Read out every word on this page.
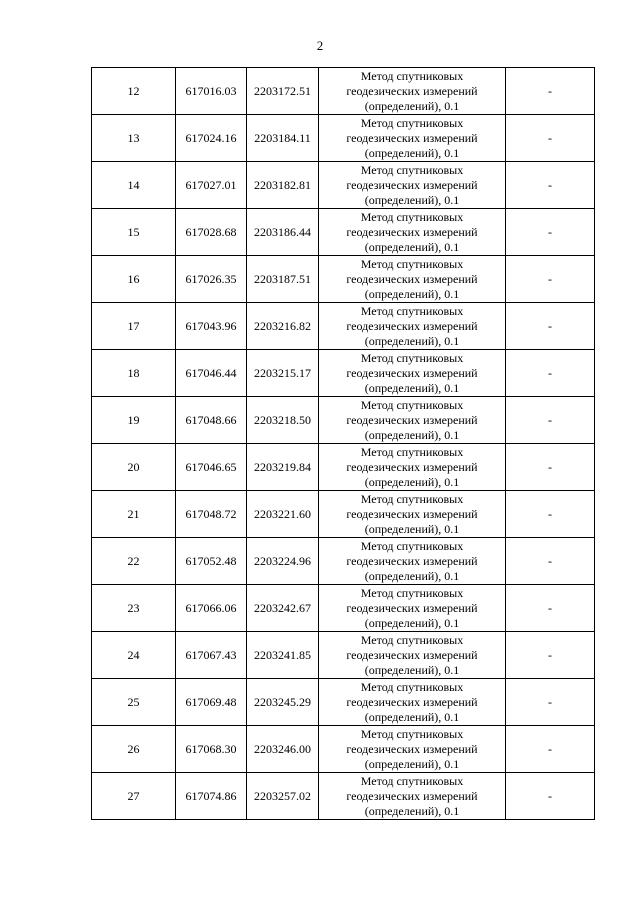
2
12	617016.03	2203172.51	Метод спутниковых
геодезических измерений
(определений), 0.1	-
13	617024.16	2203184.11	Метод спутниковых
геодезических измерений
(определений), 0.1	-
14	617027.01	2203182.81	Метод спутниковых
геодезических измерений
(определений), 0.1	-
15	617028.68	2203186.44	Метод спутниковых
геодезических измерений
(определений), 0.1	-
16	617026.35	2203187.51	Метод спутниковых
геодезических измерений
(определений), 0.1	-
17	617043.96	2203216.82	Метод спутниковых
геодезических измерений
(определений), 0.1	-
18	617046.44	2203215.17	Метод спутниковых
геодезических измерений
(определений), 0.1	-
19	617048.66	2203218.50	Метод спутниковых
геодезических измерений
(определений), 0.1	-
20	617046.65	2203219.84	Метод спутниковых
геодезических измерений
(определений), 0.1	-
21	617048.72	2203221.60	Метод спутниковых
геодезических измерений
(определений), 0.1	-
22	617052.48	2203224.96	Метод спутниковых
геодезических измерений
(определений), 0.1	-
23	617066.06	2203242.67	Метод спутниковых
геодезических измерений
(определений), 0.1	-
24	617067.43	2203241.85	Метод спутниковых
геодезических измерений
(определений), 0.1	-
25	617069.48	2203245.29	Метод спутниковых
геодезических измерений
(определений), 0.1	-
26	617068.30	2203246.00	Метод спутниковых
геодезических измерений
(определений), 0.1	-
27	617074.86	2203257.02	Метод спутниковых
геодезических измерений
(определений), 0.1	-
